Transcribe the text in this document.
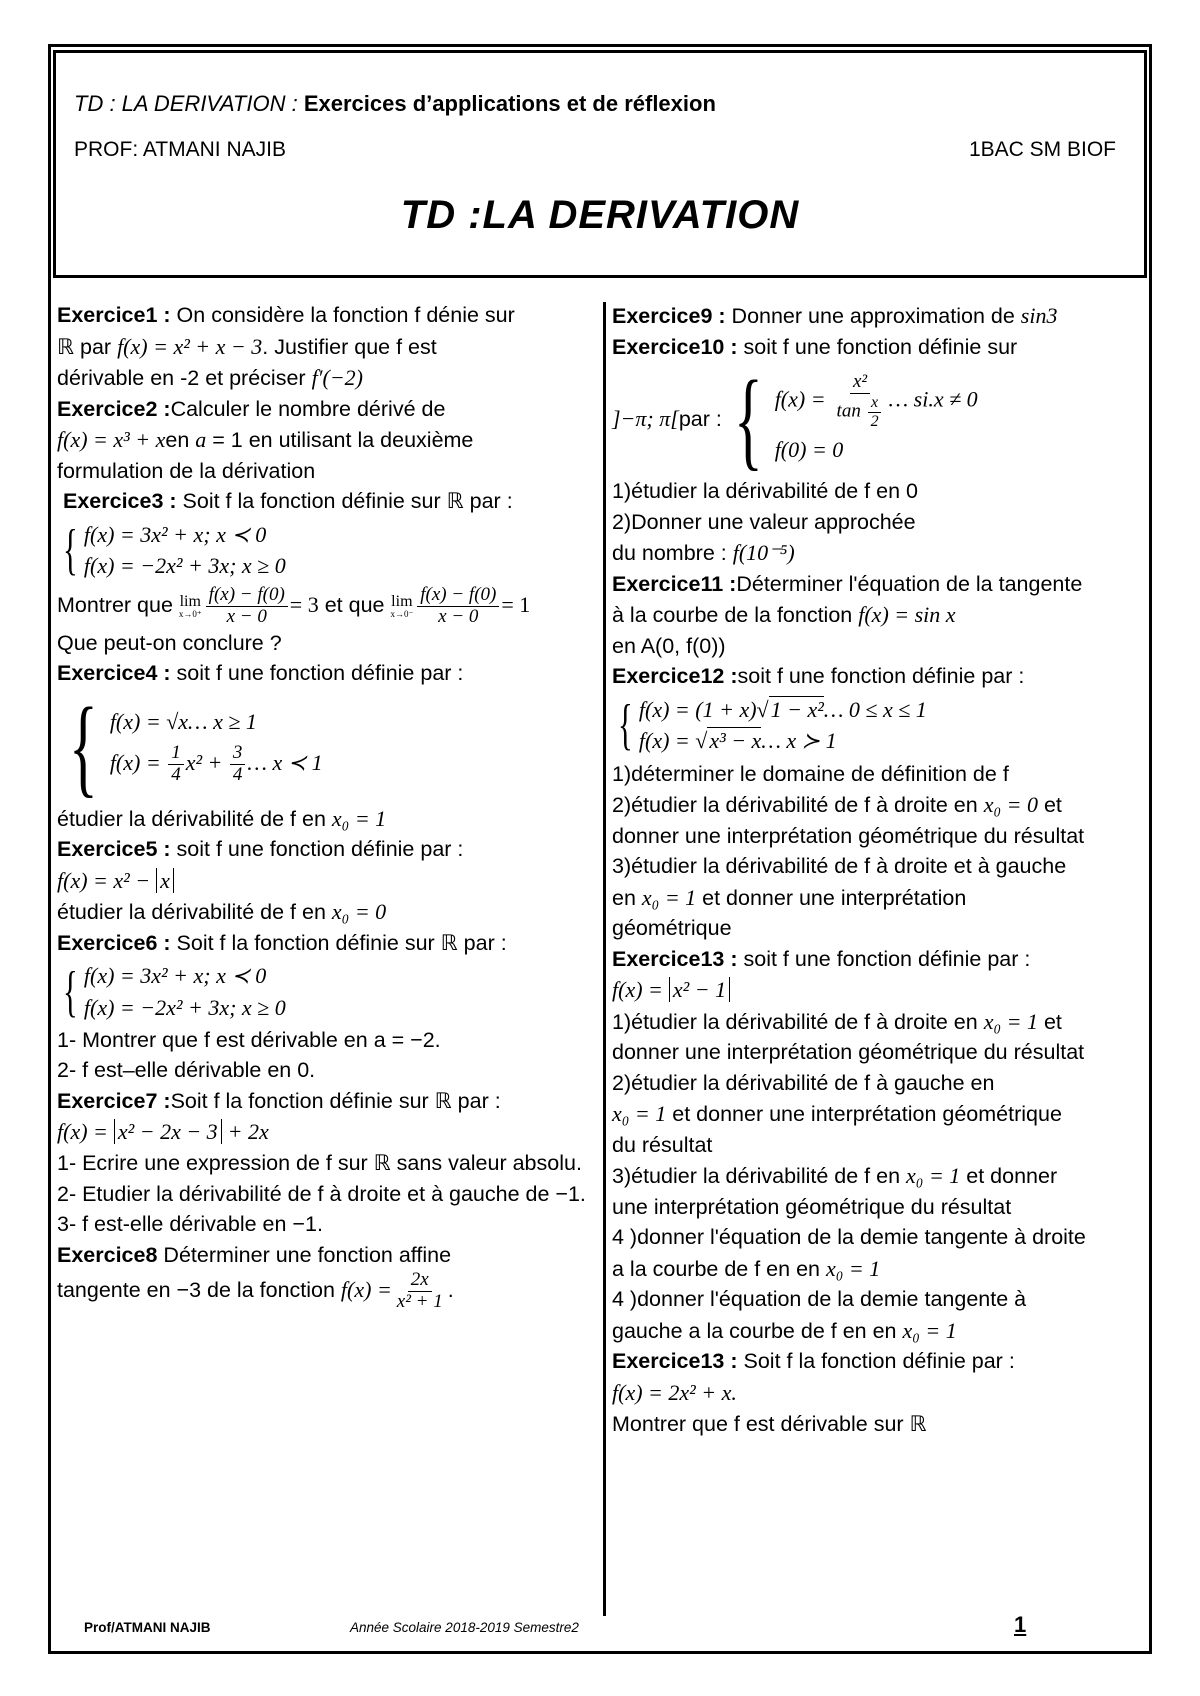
TD : LA DERIVATION : Exercices d’applications et de réflexion
PROF: ATMANI NAJIB	1BAC SM BIOF
TD :LA DERIVATION
Exercice1 : On considère la fonction f dénie sur
ℝ par f(x) = x² + x − 3. Justifier que f est
dérivable en -2 et préciser f′(−2)
Exercice2 :Calculer le nombre dérivé de
f(x) = x³ + xen a = 1 en utilisant la deuxième
formulation de la dérivation
Exercice3 : Soit f la fonction définie sur ℝ par :
{ f(x) = 3x² + x; x ≺ 0
f(x) = −2x² + 3x; x ≥ 0
Montrer que lim
$x\to 0^+ \frac{f(x) - f(0)}{x - 0} = 3$ et que lim
$x\to 0^- \frac{f(x) - f(0)}{x - 0} = 1$
Que peut-on conclure ?
Exercice4 : soit f une fonction définie par :
{ f(x) = √x… x ≥ 1
$f(x) = \frac{1}{4} x^2 + \frac{3}{4}$ … x ≺ 1
étudier la dérivabilité de f en x₀ = 1
Exercice5 : soit f une fonction définie par :
f(x) = x² − x
étudier la dérivabilité de f en x₀ = 0
Exercice6 : Soit f la fonction définie sur ℝ par :
{ f(x) = 3x² + x; x ≺ 0
f(x) = −2x² + 3x; x ≥ 0
1- Montrer que f est dérivable en a = −2.
2- f est–elle dérivable en 0.
Exercice7 :Soit f la fonction définie sur ℝ par :
f(x) = x² − 2x − 3 + 2x
1- Ecrire une expression de f sur ℝ sans valeur absolu.
2- Etudier la dérivabilité de f à droite et à gauche de −1.
3- f est-elle dérivable en −1.
Exercice8 Déterminer une fonction affine
tangente en −3 de la fonction $f(x) = \frac{2x}{\text{x² + 1}}$ .
Exercice9 : Donner une approximation de sin3
Exercice10 : soit f une fonction définie sur
]−π; π[ par : { $f(x) = \frac{\text{x²}}{\tan \frac{x}{2}}$ … si.x ≠ 0
f(0) = 0
1)étudier la dérivabilité de f en 0
2)Donner une valeur approchée
du nombre : f(10⁻⁵)
Exercice11 :Déterminer l'équation de la tangente
à la courbe de la fonction f(x) = sin x
en A(0, f(0))
Exercice12 :soit f une fonction définie par :
{ f(x) = (1 + x)√1 − x²… 0 ≤ x ≤ 1
f(x) = √x³ − x… x ≻ 1
1)déterminer le domaine de définition de f
2)étudier la dérivabilité de f à droite en x₀ = 0 et
donner une interprétation géométrique du résultat
3)étudier la dérivabilité de f à droite et à gauche
en x₀ = 1 et donner une interprétation
géométrique
Exercice13 : soit f une fonction définie par :
f(x) = x² − 1
1)étudier la dérivabilité de f à droite en x₀ = 1 et
donner une interprétation géométrique du résultat
2)étudier la dérivabilité de f à gauche en
x₀ = 1 et donner une interprétation géométrique
du résultat
3)étudier la dérivabilité de f en x₀ = 1 et donner
une interprétation géométrique du résultat
4 )donner l'équation de la demie tangente à droite
a la courbe de f en en x₀ = 1
4 )donner l'équation de la demie tangente à
gauche a la courbe de f en en x₀ = 1
Exercice13 : Soit f la fonction définie par :
f(x) = 2x² + x.
Montrer que f est dérivable sur ℝ
Prof/ATMANI NAJIB	Année Scolaire 2018-2019 Semestre2	1
